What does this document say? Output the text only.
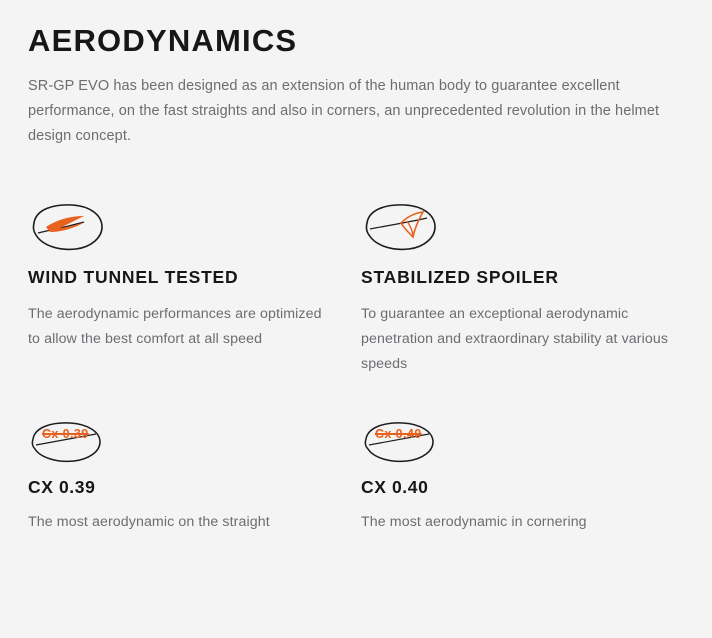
AERODYNAMICS

SR-GP EVO has been designed as an extension of the human body to guarantee excellent performance, on the fast straights and also in corners, an unprecedented revolution in the helmet design concept.

WIND TUNNEL TESTED

The aerodynamic performances are optimized to allow the best comfort at all speed

STABILIZED SPOILER

To guarantee an exceptional aerodynamic penetration and extraordinary stability at various speeds

Cx 0.39
CX 0.39

The most aerodynamic on the straight

Cx 0.40
CX 0.40

The most aerodynamic in cornering
